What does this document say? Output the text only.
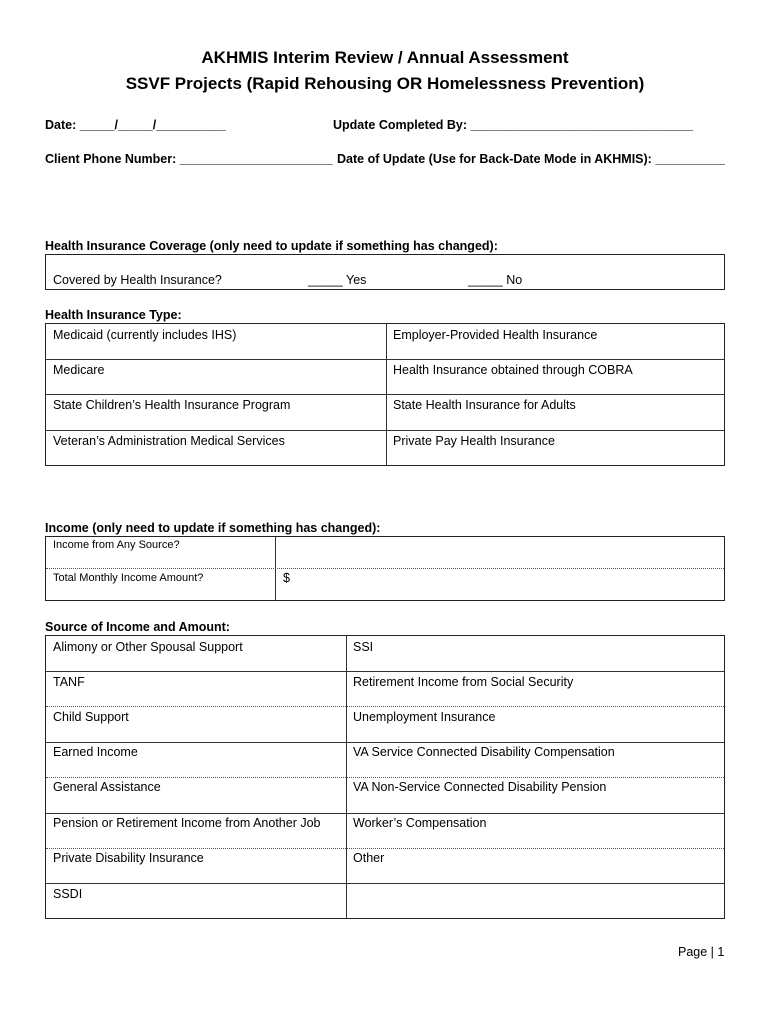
AKHMIS Interim Review / Annual Assessment
SSVF Projects (Rapid Rehousing OR Homelessness Prevention)
Date: _____/_____/__________	Update Completed By: ________________________________
Client Phone Number: ______________________ Date of Update (Use for Back-Date Mode in AKHMIS): __________
Health Insurance Coverage (only need to update if something has changed):
Covered by Health Insurance?	_____ Yes	_____ No
Health Insurance Type:
Medicaid (currently includes IHS)	Employer-Provided Health Insurance
Medicare	Health Insurance obtained through COBRA
State Children’s Health Insurance Program	State Health Insurance for Adults
Veteran’s Administration Medical Services	Private Pay Health Insurance
Income (only need to update if something has changed):
Income from Any Source?
Total Monthly Income Amount?	$
Source of Income and Amount:
Alimony or Other Spousal Support	SSI
TANF	Retirement Income from Social Security
Child Support	Unemployment Insurance
Earned Income	VA Service Connected Disability Compensation
General Assistance	VA Non-Service Connected Disability Pension
Pension or Retirement Income from Another Job	Worker’s Compensation
Private Disability Insurance	Other
SSDI
Page | 1
